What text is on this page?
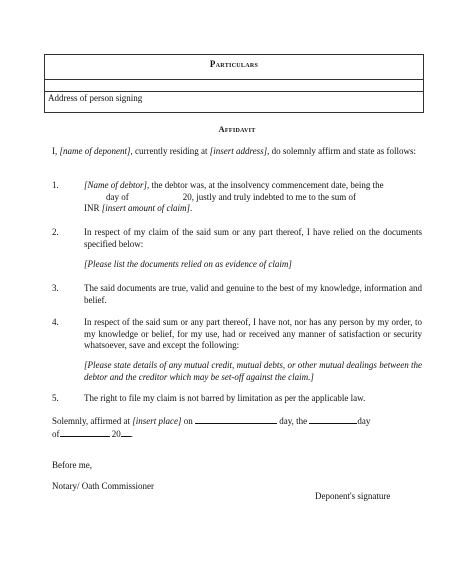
Particulars
Address of person signing
Affidavit
I, [name of deponent], currently residing at [insert address], do solemnly affirm and state as follows:
1.	[Name of debtor], the debtor was, at the insolvency commencement date, being the
day of	20, justly and truly indebted to me to the sum of
INR [insert amount of claim].
2.	In respect of my claim of the said sum or any part thereof, I have relied on the documents specified below:
[Please list the documents relied on as evidence of claim]
3.	The said documents are true, valid and genuine to the best of my knowledge, information and belief.
4.	In respect of the said sum or any part thereof, I have not, nor has any person by my order, to my knowledge or belief, for my use, had or received any manner of satisfaction or security whatsoever, save and except the following:
[Please state details of any mutual credit, mutual debts, or other mutual dealings between the debtor and the creditor which may be set-off against the claim.]
5.	The right to file my claim is not barred by limitation as per the applicable law.
Solemnly, affirmed at [insert place] on	day, the	day
of	20 .
Before me,
Notary/ Oath Commissioner
Deponent's signature
